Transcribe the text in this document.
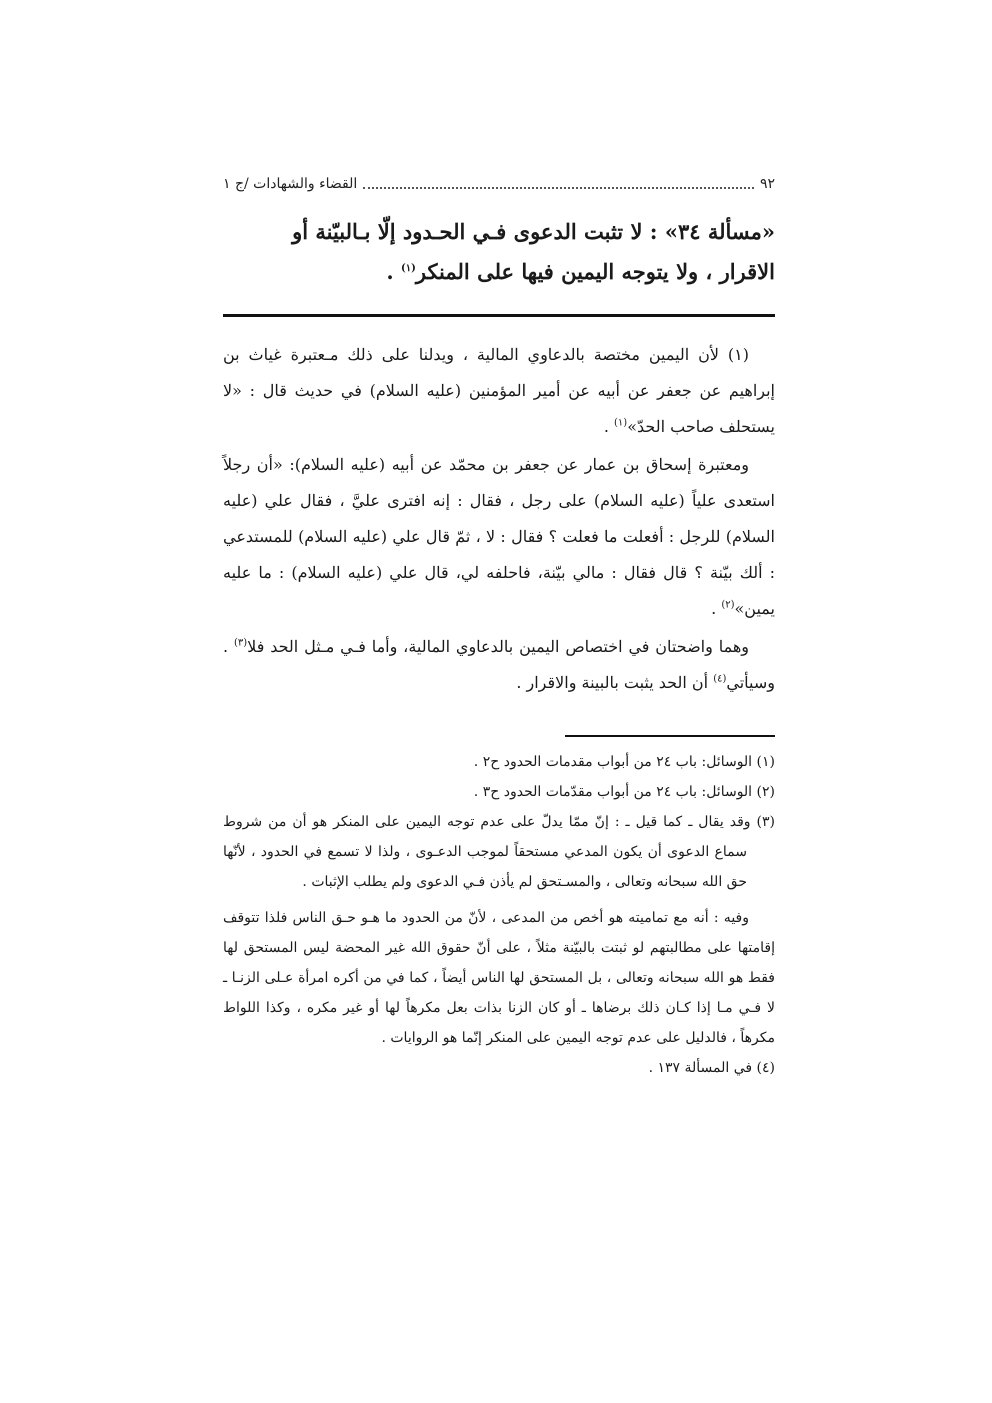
٩٢
القضاء والشهادات /ج ١
«مسألة ٣٤» : لا تثبت الدعوى فـي الحـدود إلّا بـالبيّنة أو
الاقرار ، ولا يتوجه اليمين فيها على المنكر$^{(١)}$ .

(١) لأن اليمين مختصة بالدعاوي المالية ، ويدلنا على ذلك مـعتبرة غياث بن إبراهيم عن جعفر عن أبيه عن أمير المؤمنين (عليه السلام) في حديث قال : «لا يستحلف صاحب الحدّ»$^{(١)}$ .

ومعتبرة إسحاق بن عمار عن جعفر بن محمّد عن أبيه (عليه السلام): «أن رجلاً استعدى علياً (عليه السلام) على رجل ، فقال : إنه افترى عليَّ ، فقال علي (عليه السلام) للرجل : أفعلت ما فعلت ؟ فقال : لا ، ثمّ قال علي (عليه السلام) للمستدعي : ألك بيّنة ؟ قال فقال : مالي بيّنة، فاحلفه لي، قال علي (عليه السلام) : ما عليه يمين»$^{(٢)}$ .

وهما واضحتان في اختصاص اليمين بالدعاوي المالية، وأما فـي مـثل الحد فلا$^{(٣)}$ . وسيأتي$^{(٤)}$ أن الحد يثبت بالبينة والاقرار .

(١) الوسائل: باب ٢٤ من أبواب مقدمات الحدود ح٢ .

(٢) الوسائل: باب ٢٤ من أبواب مقدّمات الحدود ح٣ .

(٣) وقد يقال ـ كما قيل ـ : إنّ ممّا يدلّ على عدم توجه اليمين على المنكر هو أن من شروط سماع الدعوى أن يكون المدعي مستحقاً لموجب الدعـوى ، ولذا لا تسمع في الحدود ، لأنّها حق الله سبحانه وتعالى ، والمسـتحق لم يأذن فـي الدعوى ولم يطلب الإثبات .

وفيه : أنه مع تماميته هو أخص من المدعى ، لأنّ من الحدود ما هـو حـق الناس فلذا تتوقف إقامتها على مطالبتهم لو ثبتت بالبيّنة مثلاً ، على أنّ حقوق الله غير المحضة ليس المستحق لها فقط هو الله سبحانه وتعالى ، بل المستحق لها الناس أيضاً ، كما في من أكره امرأة عـلى الزنـا ـ لا فـي مـا إذا كـان ذلك برضاها ـ أو كان الزنا بذات بعل مكرهاً لها أو غير مكره ، وكذا اللواط مكرهاً ، فالدليل على عدم توجه اليمين على المنكر إنّما هو الروايات .

(٤) في المسألة ١٣٧ .
